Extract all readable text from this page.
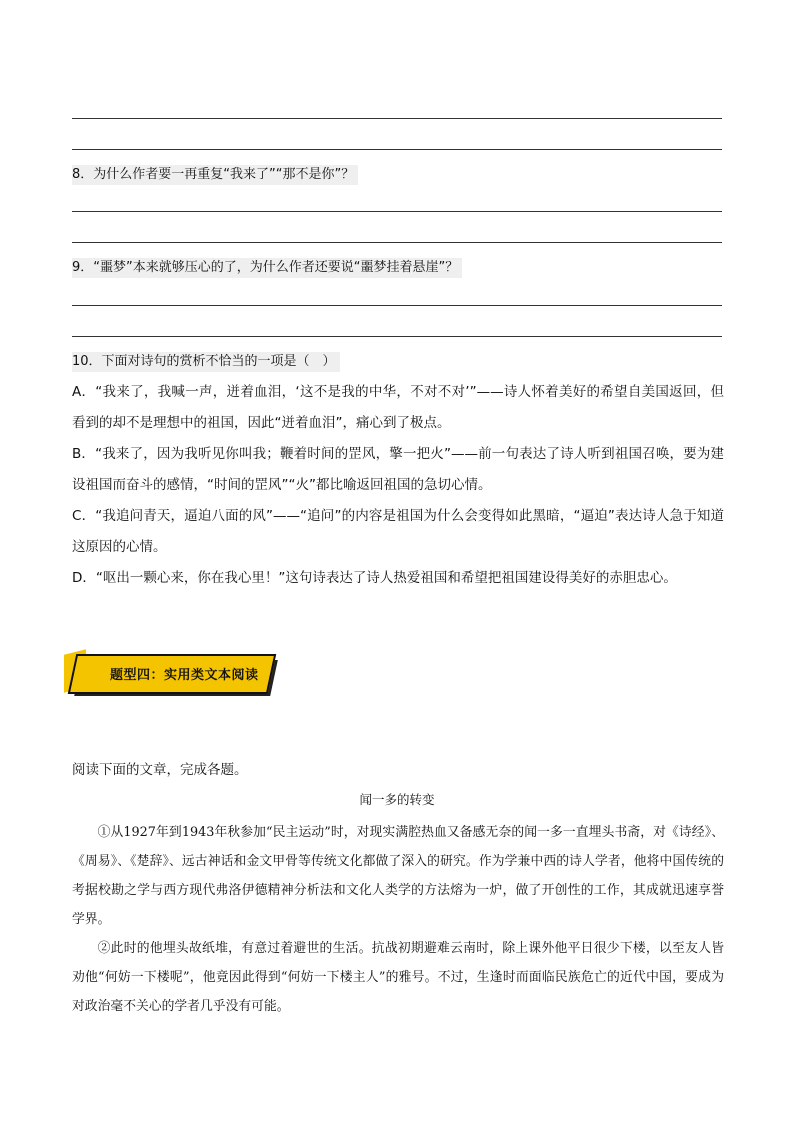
8．为什么作者要一再重复“我来了”“那不是你”？
9．“噩梦”本来就够压心的了，为什么作者还要说“噩梦挂着悬崖”？
10．下面对诗句的赏析不恰当的一项是（　）

A．“我来了，我喊一声，迸着血泪，‘这不是我的中华，不对不对’”——诗人怀着美好的希望自美国返回，但看到的却不是理想中的祖国，因此“迸着血泪”，痛心到了极点。

B．“我来了，因为我听见你叫我；鞭着时间的罡风，擎一把火”——前一句表达了诗人听到祖国召唤，要为建设祖国而奋斗的感情，“时间的罡风”“火”都比喻返回祖国的急切心情。

C．“我追问青天，逼迫八面的风”——“追问”的内容是祖国为什么会变得如此黑暗，“逼迫”表达诗人急于知道这原因的心情。

D．“呕出一颗心来，你在我心里！”这句诗表达了诗人热爱祖国和希望把祖国建设得美好的赤胆忠心。

题型四：实用类文本阅读
阅读下面的文章，完成各题。
闻一多的转变

①从1927年到1943年秋参加“民主运动”时，对现实满腔热血又备感无奈的闻一多一直埋头书斋，对《诗经》、《周易》、《楚辞》、远古神话和金文甲骨等传统文化都做了深入的研究。作为学兼中西的诗人学者，他将中国传统的考据校勘之学与西方现代弗洛伊德精神分析法和文化人类学的方法熔为一炉，做了开创性的工作，其成就迅速享誉学界。

②此时的他埋头故纸堆，有意过着避世的生活。抗战初期避难云南时，除上课外他平日很少下楼，以至友人皆劝他“何妨一下楼呢”，他竟因此得到“何妨一下楼主人”的雅号。不过，生逢时而面临民族危亡的近代中国，要成为对政治毫不关心的学者几乎没有可能。
